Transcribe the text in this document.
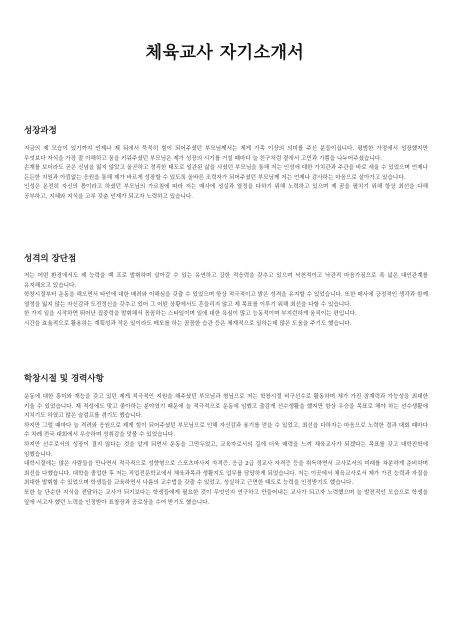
체육교사 자기소개서
성장과정

지금의 제 모습이 있기까지 언제나 제 뒤에서 묵묵히 힘이 되어주셨던 부모님께서는 제게 가족 이상의 의미를 주신 분들이십니다. 평범한 가정에서 성장했지만 무엇보다 자식을 가장 잘 이해하고 꿈을 키워주셨던 부모님은 제가 성장의 시기를 거칠 때마다 늘 친구처럼 곁에서 고민과 기쁨을 나누어주셨습니다.

손재를 보더라도 곧은 신념을 잃지 않았고 올곧하고 정직한 태도로 일관된 삶을 사셨던 부모님을 통해 저는 인성에 대한 가치관과 주관을 바로 세울 수 있었으며 언제나 든든한 지원과 아낌없는 응원을 통해 제가 바르게 성장할 수 있도록 올바른 조력자가 되어주셨던 부모님께 저는 언제나 감사하는 마음으로 살아가고 있습니다.

인성은 온전히 자신의 몫이라고 하셨던 부모님의 가르침에 따라 저는 매사에 성실과 열정을 다하기 위해 노력하고 있으며 제 꿈을 펼치기 위해 항상 최선을 다해 공부하고, 지혜와 지식을 고루 갖춘 인재가 되고자 노력하고 있습니다.

성격의 장단점

저는 어떤 환경에서도 제 능력을 백 프로 발휘하며 살아갈 수 있는 유연하고 강한 적응력을 갖추고 있으며 낙천적이고 낙관적 마음가짐으로 폭 넓은 대인관계를 유지해오고 있습니다.

학창시절부터 운동을 해오면서 타인에 대한 배려와 이해심을 갖출 수 있었으며 항상 적극적이고 밝은 성격을 유지할 수 있었습니다. 또한 매사에 긍정적인 생각과 함께 열정을 잃지 않는 자신감과 도전정신을 갖추고 있어 그 어떤 상황에서도 흔들리지 않고 제 목표를 이루기 위해 최선을 다할 수 있습니다.

한 가지 일을 시작하면 뛰어난 집중력을 발휘해서 꼼꼼하는 스타일이며 일에 대한 욕심이 많고 능동적이며 부지런하게 움직이는 편입니다.

시간을 효율적으로 활용하는 계획성과 작은 일이라도 메모를 하는 꼼꼼한 습관 등은 체계적으로 일하는데 많은 도움을 주기도 했습니다.

학창시절 및 경력사항

운동에 대한 흥미와 재능을 갖고 있던 제게 적극적인 지원을 해주셨던 부모님과 형님으로 저는 학창시절 비구선수로 활동하며 체가 가진 잠재력과 가능성을 최대한 키울 수 있었습니다. 제 적성에도 맞고 좋아하는 분야였기 때문에 늘 적극적으로 운동에 임했고 출감게 선수생활을 했지만 항상 우승을 목표로 해야 하는 선수생활에 지치기도 하였고 많은 슬럼프를 겪기도 했습니다.

하지만 그럴 때마다 늘 격려와 응원으로 제게 힘이 되어주셨던 부모님으로 인해 자신감과 용기를 얻을 수 있었고, 최선을 다하자는 마음으로 노력한 결과 대회 때마다 수 차례 전국 대회에서 우승하며 성취감을 맛볼 수 있었습니다.

하지만 선수로서의 성장이 결지 않다는 것을 알게 되면서 운동을 그만두었고, 교육자로서의 길에 더욱 매력을 느껴 체육교사가 되겠다는 목표를 갖고 대학진학에 임했습니다.

대학시절에는 많은 사람들을 만나면서 적극적으로 성향형으로 스포츠마사지 자격증, 응급 2급 정교사 자격증 등을 취득하면서 교사로서의 미래를 차분하게 준비하며 최선을 다했습니다. 대학을 졸업한 후 저는 직업전문학교에서 체육과목과 생활지도 업무를 담당하게 되었습니다. 저는 이곳에서 체육교사로서 제가 가진 능력과 자질을 최대한 발휘할 수 있었으며 학생들을 교육하면서 나름의 교수법을 갖출 수 있었고, 성실하고 근면한 태도로 능력을 인정받기도 했습니다.

또한 늘 단순한 지식을 전달하는 교사가 되기보다는 학생들에게 필요한 것이 무엇인지 연구하고 만들어내는 교사가 되고자 노력했으며 늘 발전적인 모습으로 학생을 앞에 서고자 했던 노력을 인정받아 표창장과 공로상을 수여 받기도 했습니다.
